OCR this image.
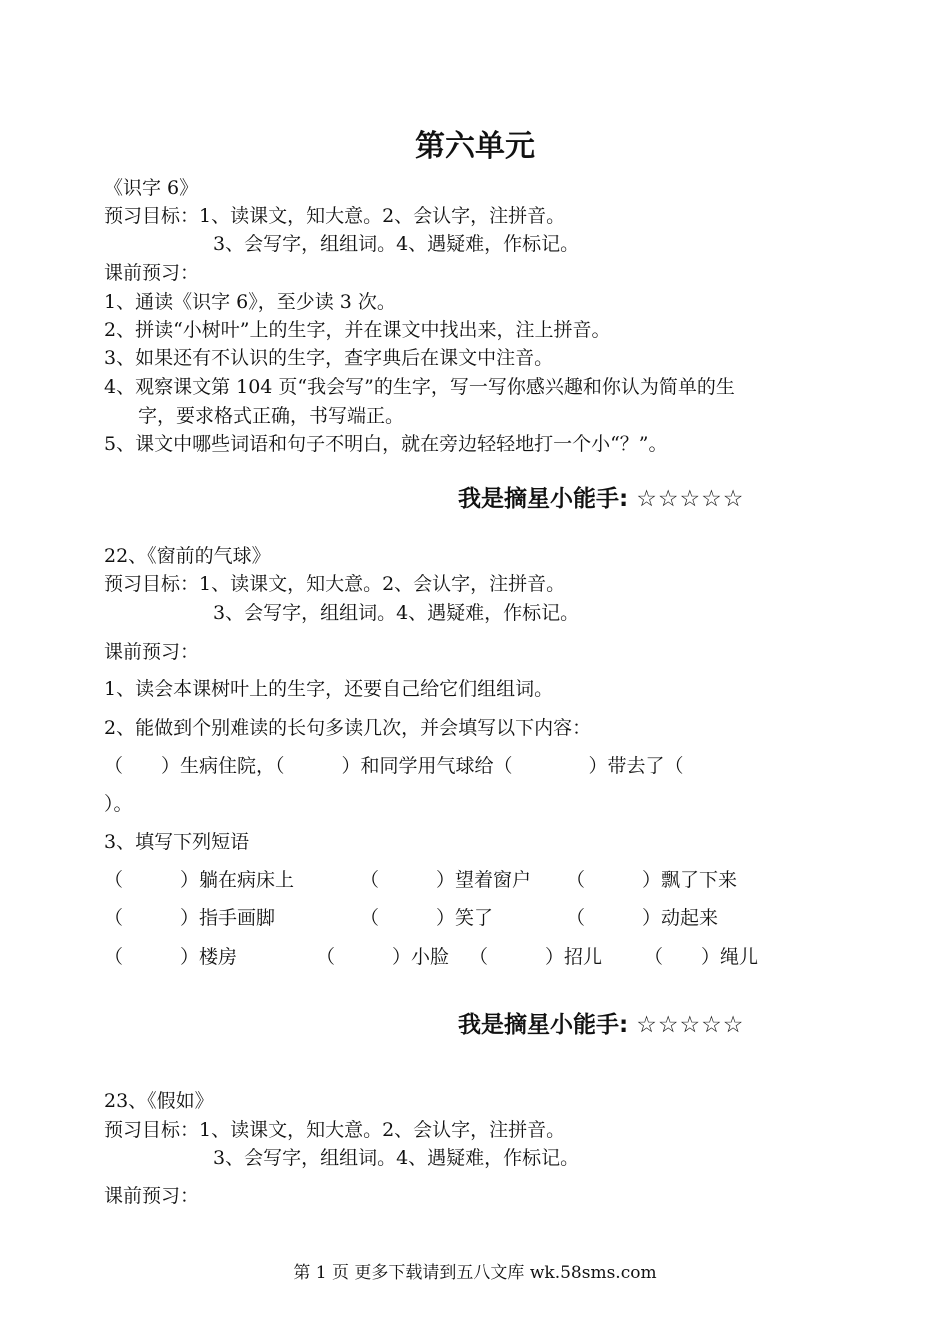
第六单元
《识字 6》
预习目标：1、读课文，知大意。2、会认字，注拼音。
3、会写字，组组词。4、遇疑难，作标记。
课前预习：
1、通读《识字 6》，至少读 3 次。
2、拼读“小树叶”上的生字，并在课文中找出来，注上拼音。
3、如果还有不认识的生字，查字典后在课文中注音。
4、观察课文第 104 页“我会写”的生字，写一写你感兴趣和你认为简单的生
字，要求格式正确，书写端正。
5、课文中哪些词语和句子不明白，就在旁边轻轻地打一个小“？”。
我是摘星小能手: ☆☆☆☆☆
22、《窗前的气球》
预习目标：1、读课文，知大意。2、会认字，注拼音。
3、会写字，组组词。4、遇疑难，作标记。
课前预习：
1、读会本课树叶上的生字，还要自己给它们组组词。
2、能做到个别难读的长句多读几次，并会填写以下内容：
（　　）生病住院，（　　　）和同学用气球给（　　　　）带去了（
）。
3、填写下列短语
（　　　）躺在病床上	（　　　）望着窗户 （　　　）飘了下来
（　　　）指手画脚	（　　　）笑了	（　　　）动起来
（　　　）楼房	（　　　）小脸 （　　　）招儿 （　　）绳儿
我是摘星小能手: ☆☆☆☆☆
23、《假如》
预习目标：1、读课文，知大意。2、会认字，注拼音。
3、会写字，组组词。4、遇疑难，作标记。
课前预习：
第 1 页 更多下载请到五八文库 wk.58sms.com
